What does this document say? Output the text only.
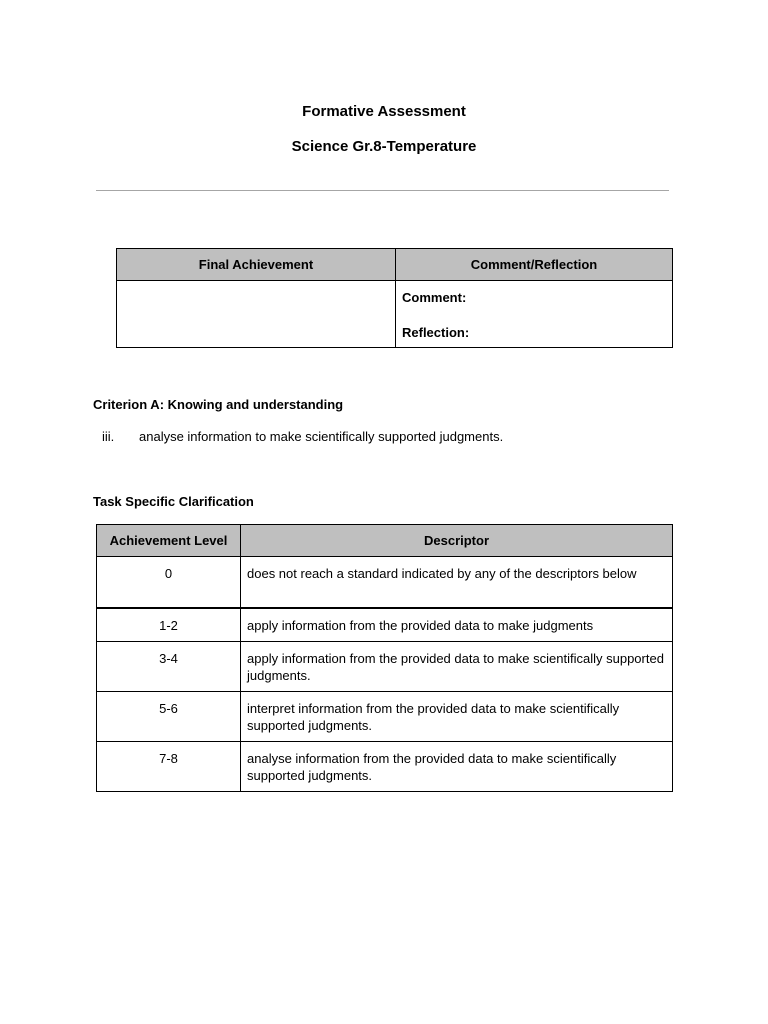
Formative Assessment
Science Gr.8-Temperature
Final Achievement	Comment/Reflection

	Comment:
Reflection:
Criterion A: Knowing and understanding
iii. analyse information to make scientifically supported judgments.
Task Specific Clarification
Achievement Level	Descriptor
0	does not reach a standard indicated by any of the descriptors below
1-2	apply information from the provided data to make judgments
3-4	apply information from the provided data to make scientifically supported judgments.
5-6	interpret information from the provided data to make scientifically supported judgments.
7-8	analyse information from the provided data to make scientifically supported judgments.
